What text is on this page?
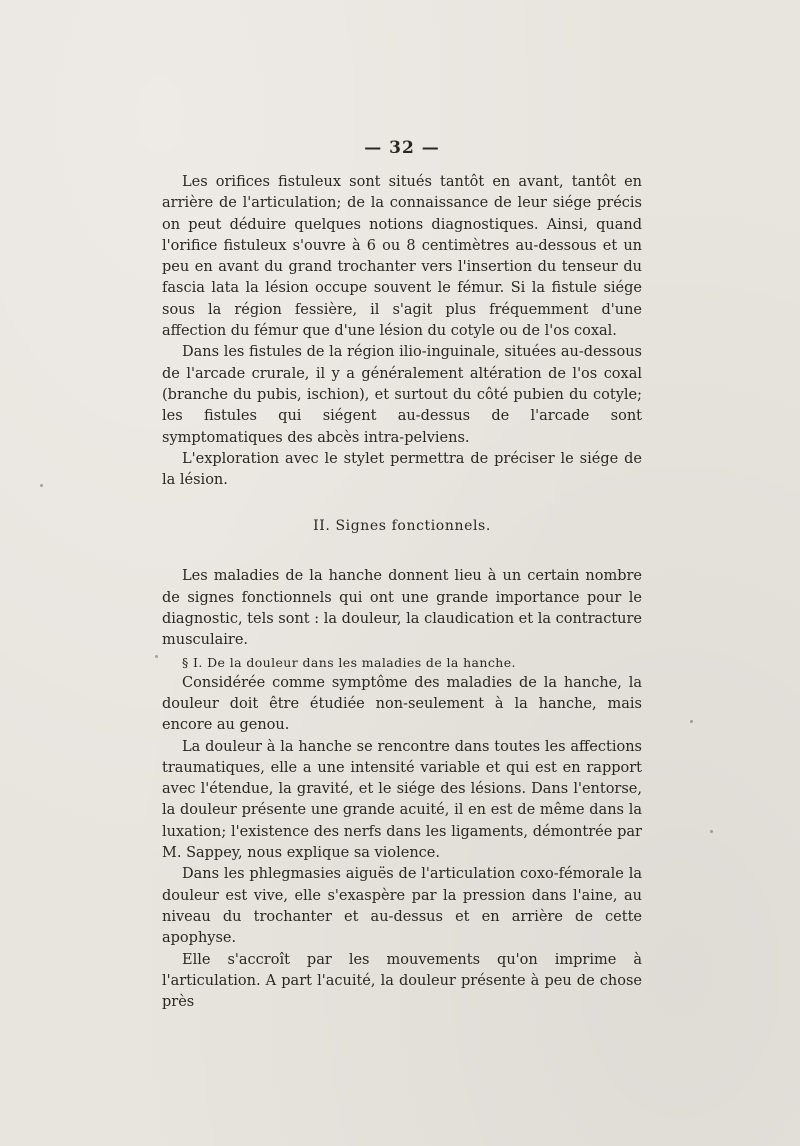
— 32 —

Les orifices fistuleux sont situés tantôt en avant, tantôt en arrière de l'articulation; de la connaissance de leur siége précis on peut déduire quelques notions diagnostiques. Ainsi, quand l'orifice fistuleux s'ouvre à 6 ou 8 centimètres au-dessous et un peu en avant du grand trochanter vers l'insertion du tenseur du fascia lata la lésion occupe souvent le fémur. Si la fistule siége sous la région fessière, il s'agit plus fréquemment d'une affection du fémur que d'une lésion du cotyle ou de l'os coxal.

Dans les fistules de la région ilio-inguinale, situées au-dessous de l'arcade crurale, il y a généralement altération de l'os coxal (branche du pubis, ischion), et surtout du côté pubien du cotyle; les fistules qui siégent au-dessus de l'arcade sont symptomatiques des abcès intra-pelviens.

L'exploration avec le stylet permettra de préciser le siége de la lésion.

II. Signes fonctionnels.

Les maladies de la hanche donnent lieu à un certain nombre de signes fonctionnels qui ont une grande importance pour le diagnostic, tels sont : la douleur, la claudication et la contracture musculaire.

§ I. De la douleur dans les maladies de la hanche.

Considérée comme symptôme des maladies de la hanche, la douleur doit être étudiée non-seulement à la hanche, mais encore au genou.

La douleur à la hanche se rencontre dans toutes les affections traumatiques, elle a une intensité variable et qui est en rapport avec l'étendue, la gravité, et le siége des lésions. Dans l'entorse, la douleur présente une grande acuité, il en est de même dans la luxation; l'existence des nerfs dans les ligaments, démontrée par M. Sappey, nous explique sa violence.

Dans les phlegmasies aiguës de l'articulation coxo-fémorale la douleur est vive, elle s'exaspère par la pression dans l'aine, au niveau du trochanter et au-dessus et en arrière de cette apophyse.

Elle s'accroît par les mouvements qu'on imprime à l'articulation. A part l'acuité, la douleur présente à peu de chose près
